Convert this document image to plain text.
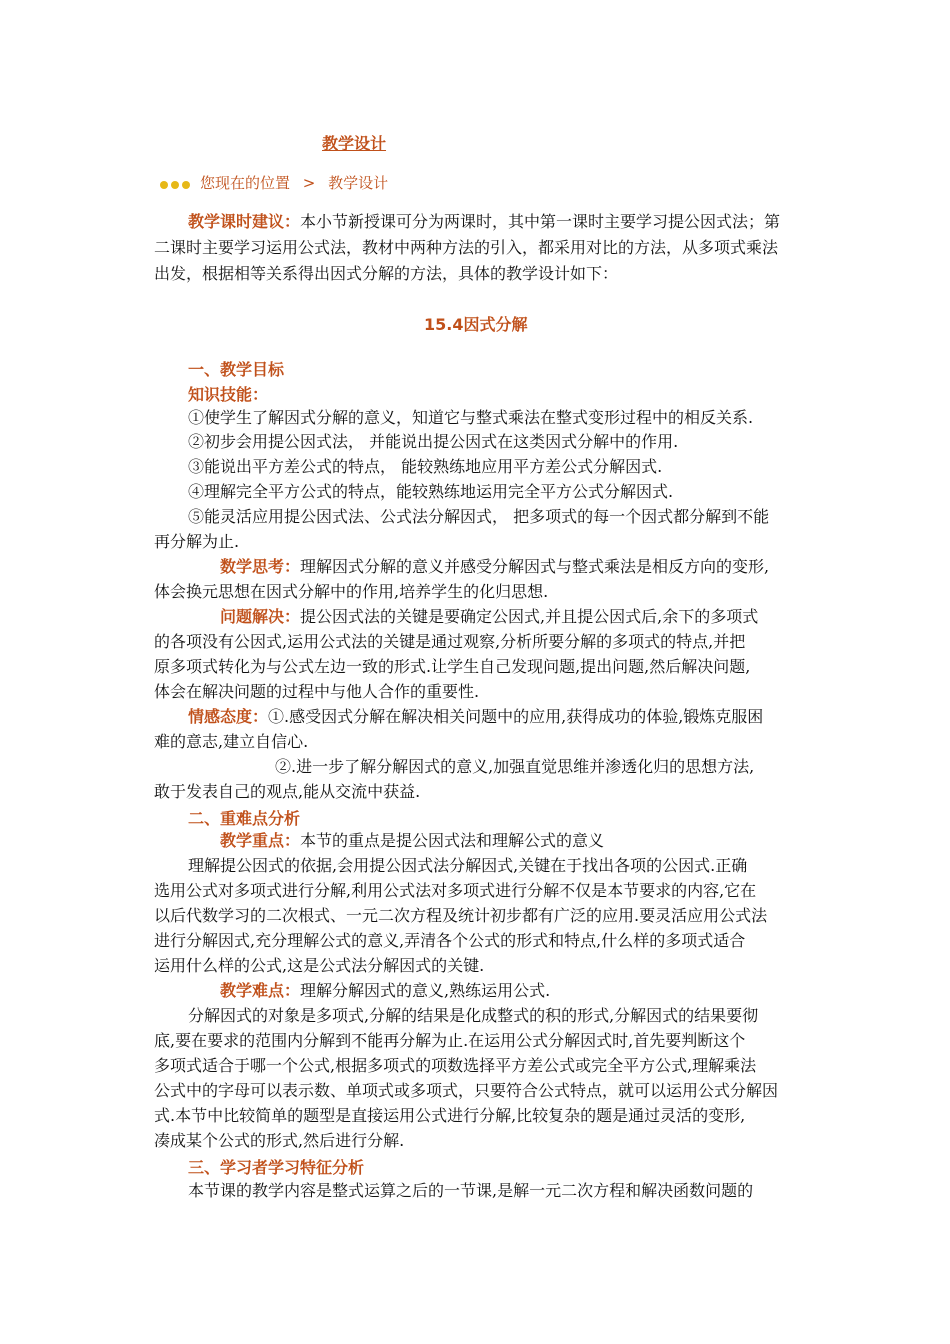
教学设计
您现在的位置 > 教学设计
教学课时建议：本小节新授课可分为两课时，其中第一课时主要学习提公因式法；第
二课时主要学习运用公式法，教材中两种方法的引入，都采用对比的方法，从多项式乘法
出发，根据相等关系得出因式分解的方法，具体的教学设计如下：
15.4因式分解
一、教学目标
知识技能：
①使学生了解因式分解的意义，知道它与整式乘法在整式变形过程中的相反关系.
②初步会用提公因式法， 并能说出提公因式在这类因式分解中的作用.
③能说出平方差公式的特点， 能较熟练地应用平方差公式分解因式.
④理解完全平方公式的特点，能较熟练地运用完全平方公式分解因式.
⑤能灵活应用提公因式法、公式法分解因式， 把多项式的每一个因式都分解到不能
再分解为止.
数学思考：理解因式分解的意义并感受分解因式与整式乘法是相反方向的变形,
体会换元思想在因式分解中的作用,培养学生的化归思想.
问题解决：提公因式法的关键是要确定公因式,并且提公因式后,余下的多项式
的各项没有公因式,运用公式法的关键是通过观察,分析所要分解的多项式的特点,并把
原多项式转化为与公式左边一致的形式.让学生自己发现问题,提出问题,然后解决问题,
体会在解决问题的过程中与他人合作的重要性.
情感态度：①.感受因式分解在解决相关问题中的应用,获得成功的体验,锻炼克服困
难的意志,建立自信心.
②.进一步了解分解因式的意义,加强直觉思维并渗透化归的思想方法,
敢于发表自己的观点,能从交流中获益.
二、重难点分析
教学重点：本节的重点是提公因式法和理解公式的意义
理解提公因式的依据,会用提公因式法分解因式,关键在于找出各项的公因式.正确
选用公式对多项式进行分解,利用公式法对多项式进行分解不仅是本节要求的内容,它在
以后代数学习的二次根式、一元二次方程及统计初步都有广泛的应用.要灵活应用公式法
进行分解因式,充分理解公式的意义,弄清各个公式的形式和特点,什么样的多项式适合
运用什么样的公式,这是公式法分解因式的关键.
教学难点：理解分解因式的意义,熟练运用公式.
分解因式的对象是多项式,分解的结果是化成整式的积的形式,分解因式的结果要彻
底,要在要求的范围内分解到不能再分解为止.在运用公式分解因式时,首先要判断这个
多项式适合于哪一个公式,根据多项式的项数选择平方差公式或完全平方公式,理解乘法
公式中的字母可以表示数、单项式或多项式，只要符合公式特点，就可以运用公式分解因
式.本节中比较简单的题型是直接运用公式进行分解,比较复杂的题是通过灵活的变形,
凑成某个公式的形式,然后进行分解.
三、学习者学习特征分析
本节课的教学内容是整式运算之后的一节课,是解一元二次方程和解决函数问题的
